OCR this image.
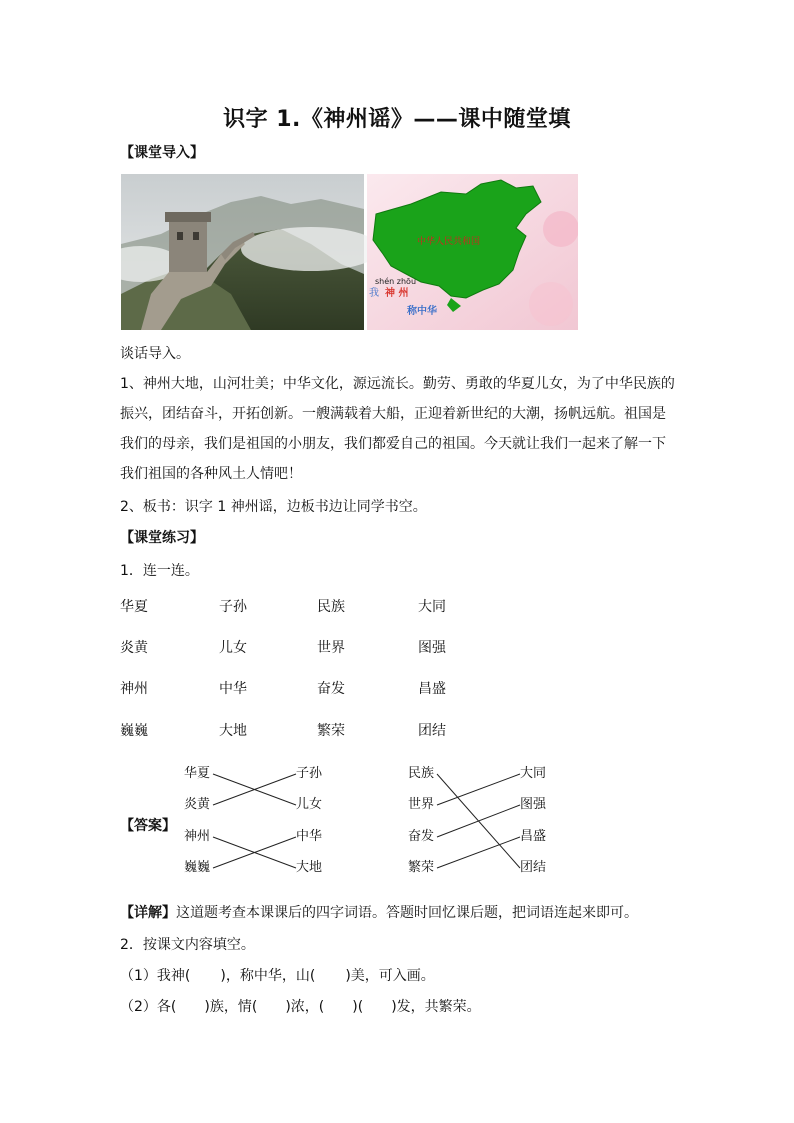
识字 1.《神州谣》——课中随堂填
【课堂导入】
中华人民共和国
shén zhōu
我 神 州
称中华
谈话导入。
1、神州大地，山河壮美；中华文化，源远流长。勤劳、勇敢的华夏儿女，为了中华民族的
振兴，团结奋斗，开拓创新。一艘满载着大船，正迎着新世纪的大潮，扬帆远航。祖国是
我们的母亲，我们是祖国的小朋友，我们都爱自己的祖国。今天就让我们一起来了解一下
我们祖国的各种风土人情吧！
2、板书：识字 1 神州谣，边板书边让同学书空。
【课堂练习】
1．连一连。
华夏	子孙	民族	大同
炎黄	儿女	世界	图强
神州	中华	奋发	昌盛
巍巍	大地	繁荣	团结
【答案】
华夏
炎黄
神州
巍巍
子孙
儿女
中华
大地
民族
世界
奋发
繁荣
大同
图强
昌盛
团结
【详解】这道题考查本课课后的四字词语。答题时回忆课后题，把词语连起来即可。
2．按课文内容填空。
（1）我神( )，称中华，山( )美，可入画。
（2）各( )族，情( )浓，( )( )发，共繁荣。
